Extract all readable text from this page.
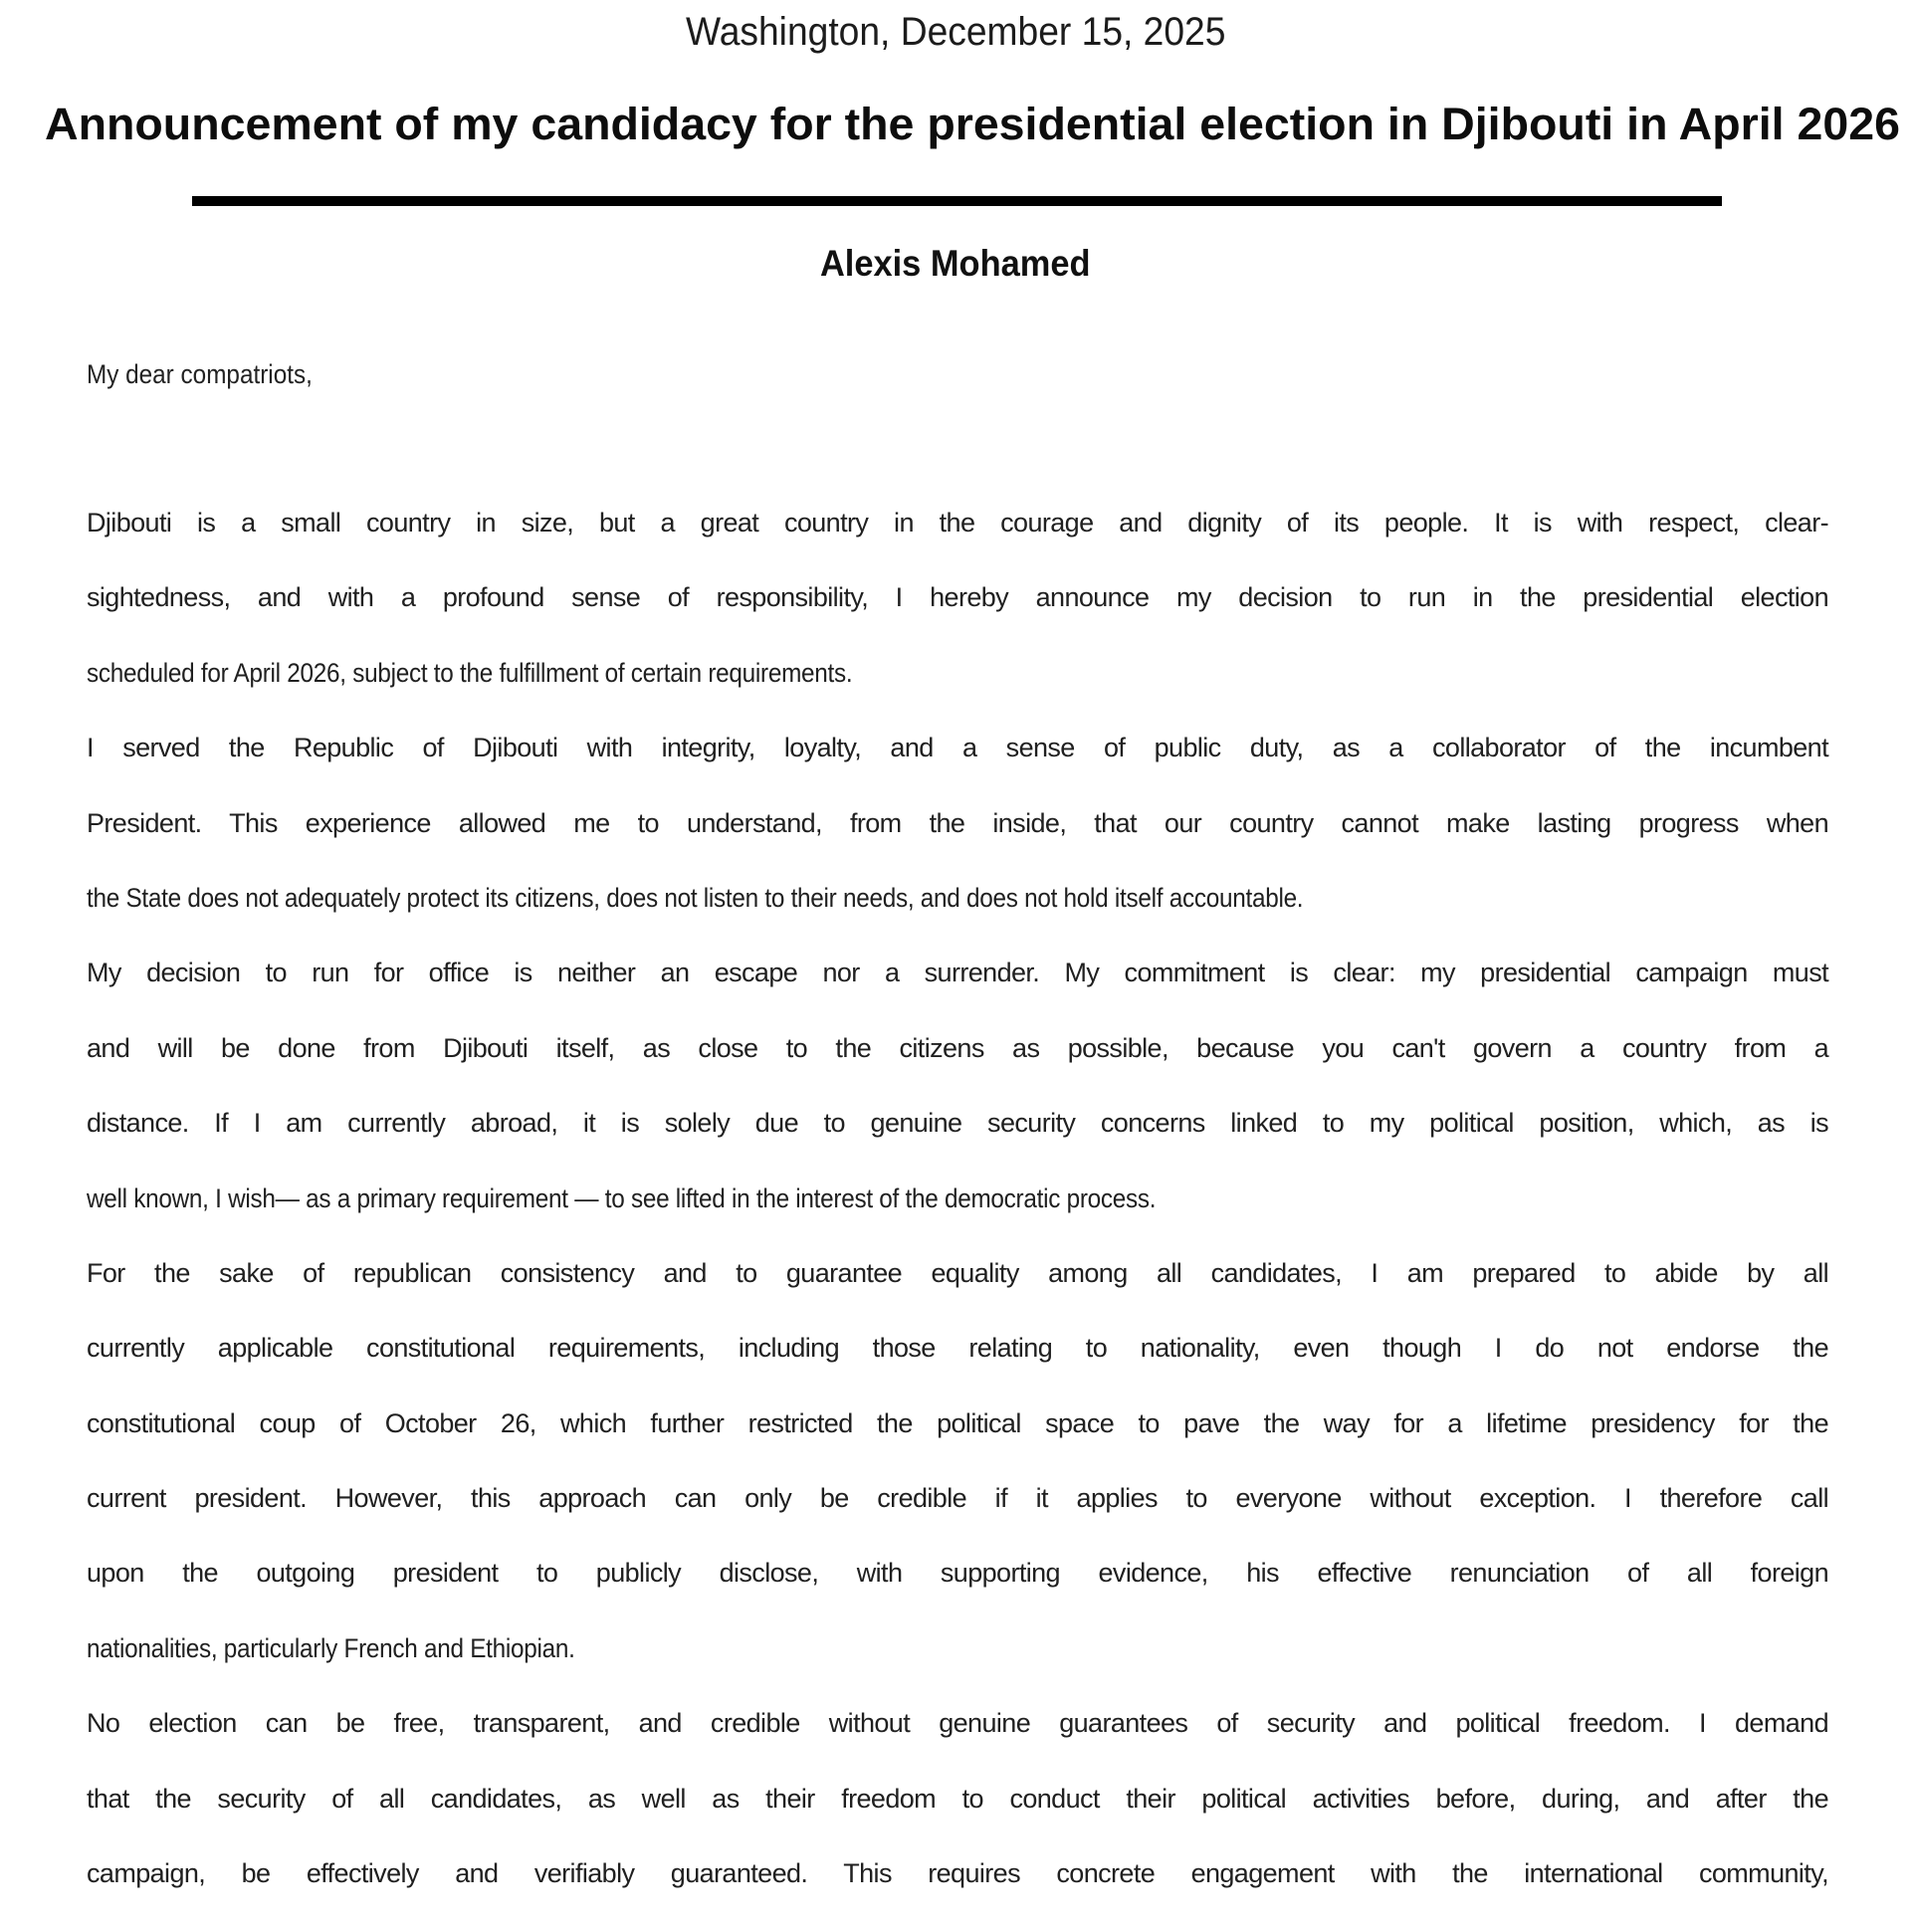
Washington, December 15, 2025
Announcement of my candidacy for the presidential election in Djibouti in April 2026
Alexis Mohamed
My dear compatriots,
Djibouti is a small country in size, but a great country in the courage and dignity of its people. It is with respect, clear-
sightedness, and with a profound sense of responsibility, I hereby announce my decision to run in the presidential election
scheduled for April 2026, subject to the fulfillment of certain requirements.
I served the Republic of Djibouti with integrity, loyalty, and a sense of public duty, as a collaborator of the incumbent
President. This experience allowed me to understand, from the inside, that our country cannot make lasting progress when
the State does not adequately protect its citizens, does not listen to their needs, and does not hold itself accountable.
My decision to run for office is neither an escape nor a surrender. My commitment is clear: my presidential campaign must
and will be done from Djibouti itself, as close to the citizens as possible, because you can't govern a country from a
distance. If I am currently abroad, it is solely due to genuine security concerns linked to my political position, which, as is
well known, I wish— as a primary requirement — to see lifted in the interest of the democratic process.
For the sake of republican consistency and to guarantee equality among all candidates, I am prepared to abide by all
currently applicable constitutional requirements, including those relating to nationality, even though I do not endorse the
constitutional coup of October 26, which further restricted the political space to pave the way for a lifetime presidency for the
current president. However, this approach can only be credible if it applies to everyone without exception. I therefore call
upon the outgoing president to publicly disclose, with supporting evidence, his effective renunciation of all foreign
nationalities, particularly French and Ethiopian.
No election can be free, transparent, and credible without genuine guarantees of security and political freedom. I demand
that the security of all candidates, as well as their freedom to conduct their political activities before, during, and after the
campaign, be effectively and verifiably guaranteed. This requires concrete engagement with the international community,
